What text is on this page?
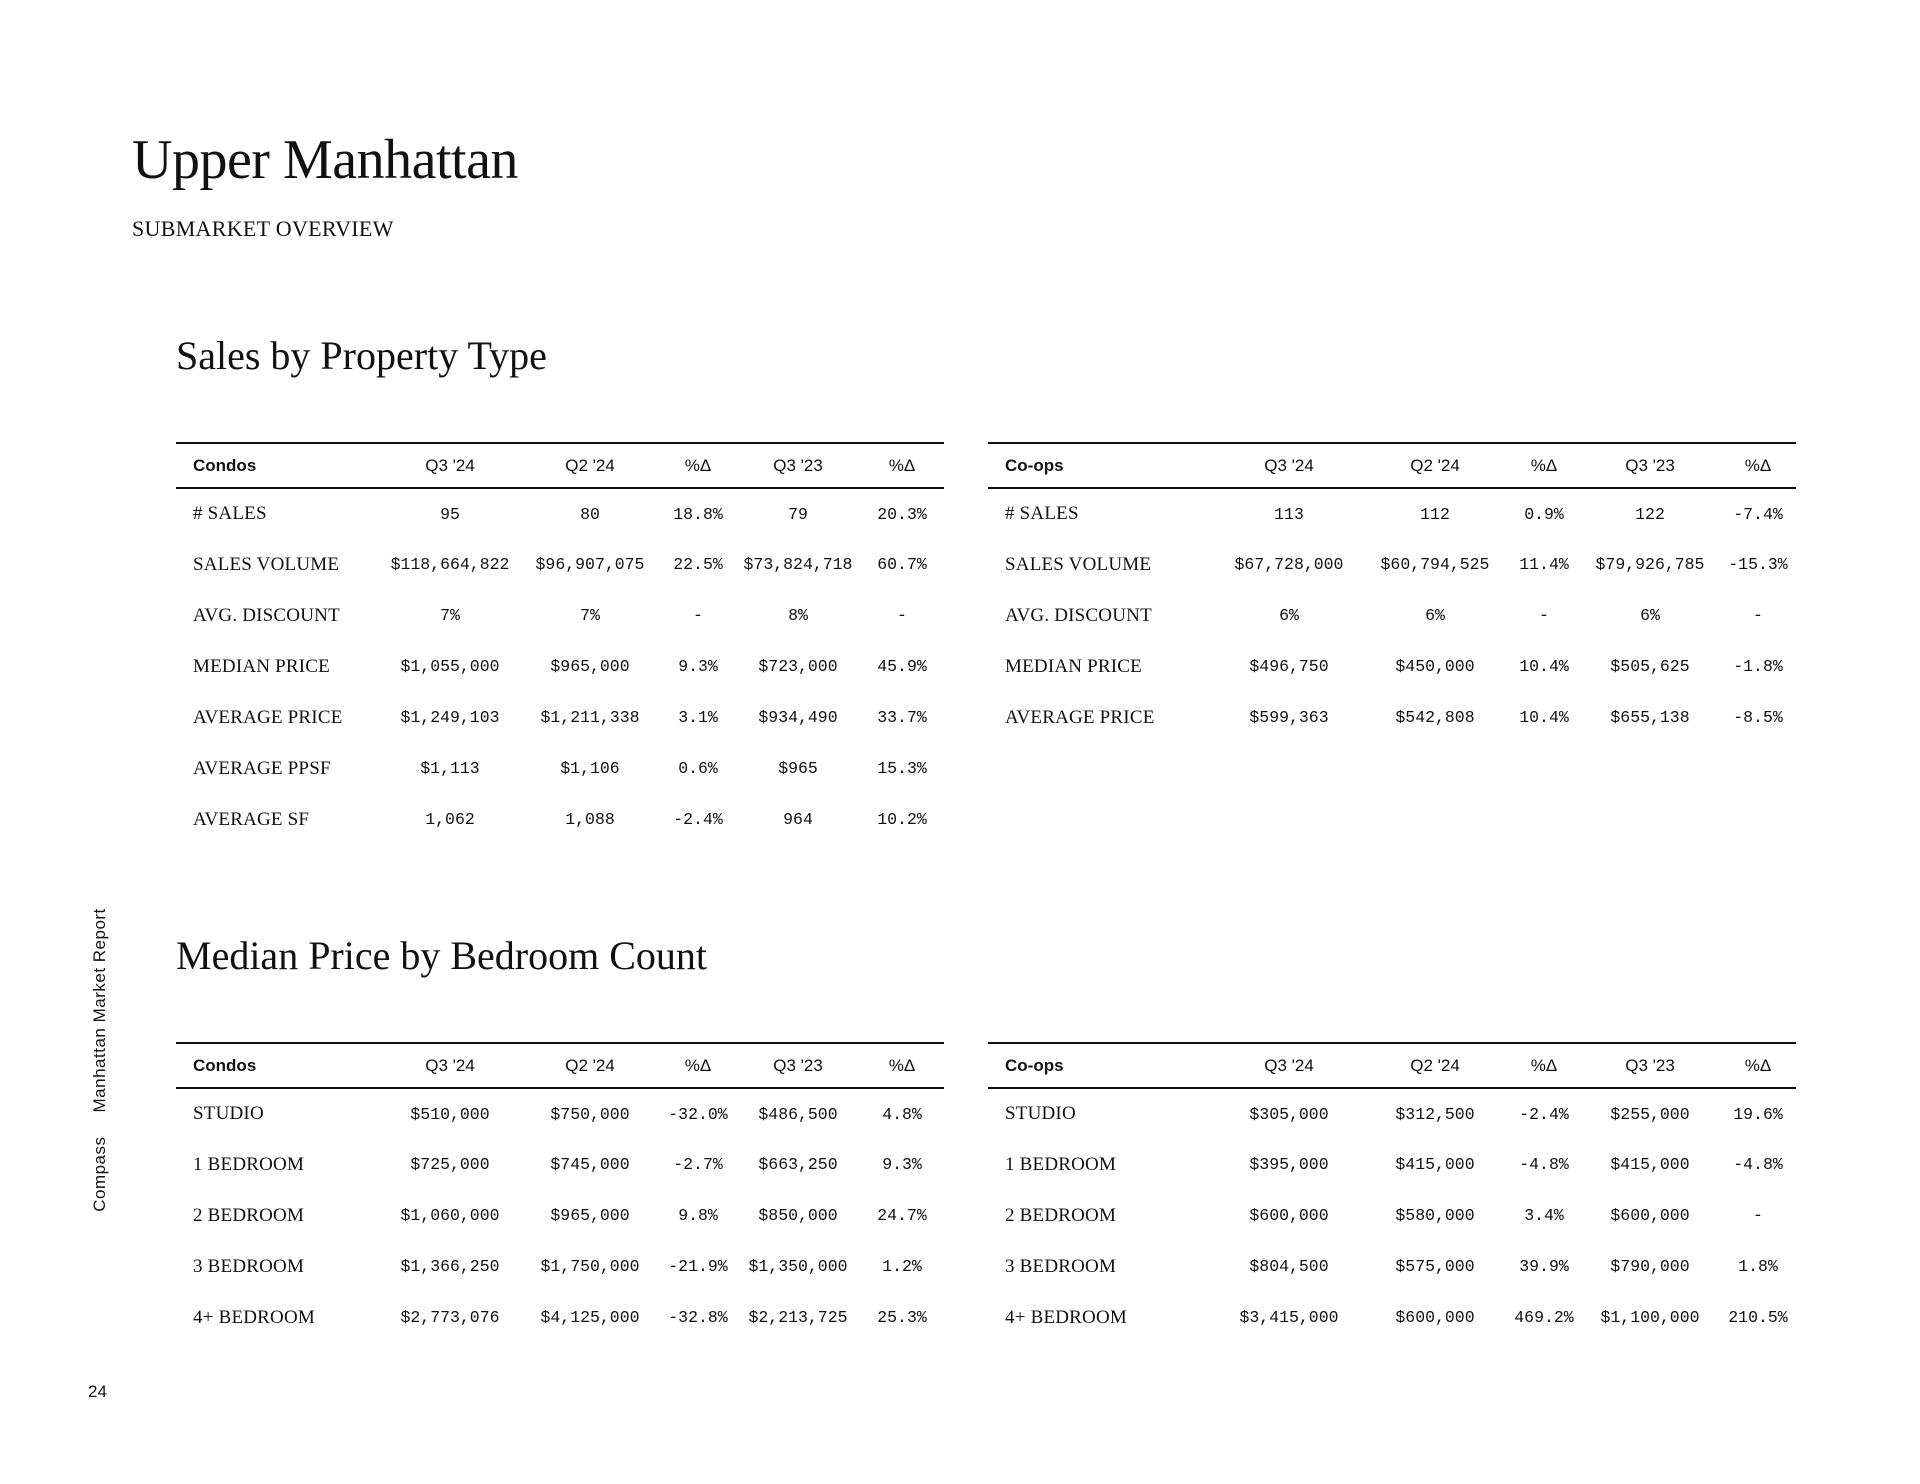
Upper Manhattan
SUBMARKET OVERVIEW
Sales by Property Type
Condos	Q3 '24	Q2 '24	%Δ	Q3 '23	%Δ
# SALES	95	80	18.8%	79	20.3%
SALES VOLUME	$118,664,822	$96,907,075	22.5%	$73,824,718	60.7%
AVG. DISCOUNT	7%	7%	-	8%	-
MEDIAN PRICE	$1,055,000	$965,000	9.3%	$723,000	45.9%
AVERAGE PRICE	$1,249,103	$1,211,338	3.1%	$934,490	33.7%
AVERAGE PPSF	$1,113	$1,106	0.6%	$965	15.3%
AVERAGE SF	1,062	1,088	-2.4%	964	10.2%
Co-ops	Q3 '24	Q2 '24	%Δ	Q3 '23	%Δ
# SALES	113	112	0.9%	122	-7.4%
SALES VOLUME	$67,728,000	$60,794,525	11.4%	$79,926,785	-15.3%
AVG. DISCOUNT	6%	6%	-	6%	-
MEDIAN PRICE	$496,750	$450,000	10.4%	$505,625	-1.8%
AVERAGE PRICE	$599,363	$542,808	10.4%	$655,138	-8.5%
Median Price by Bedroom Count
Condos	Q3 '24	Q2 '24	%Δ	Q3 '23	%Δ
STUDIO	$510,000	$750,000	-32.0%	$486,500	4.8%
1 BEDROOM	$725,000	$745,000	-2.7%	$663,250	9.3%
2 BEDROOM	$1,060,000	$965,000	9.8%	$850,000	24.7%
3 BEDROOM	$1,366,250	$1,750,000	-21.9%	$1,350,000	1.2%
4+ BEDROOM	$2,773,076	$4,125,000	-32.8%	$2,213,725	25.3%
Co-ops	Q3 '24	Q2 '24	%Δ	Q3 '23	%Δ
STUDIO	$305,000	$312,500	-2.4%	$255,000	19.6%
1 BEDROOM	$395,000	$415,000	-4.8%	$415,000	-4.8%
2 BEDROOM	$600,000	$580,000	3.4%	$600,000	-
3 BEDROOM	$804,500	$575,000	39.9%	$790,000	1.8%
4+ BEDROOM	$3,415,000	$600,000	469.2%	$1,100,000	210.5%
CompassManhattan Market Report
24
